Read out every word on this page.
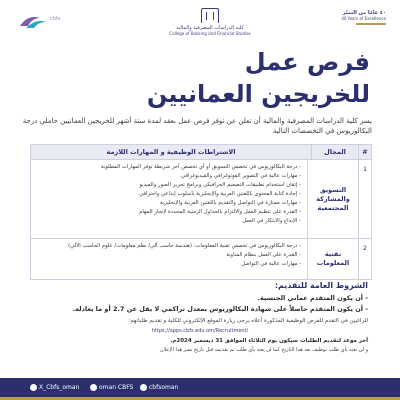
cbfs
كلية الدراسات المصرفية والمالية
College of Banking and Financial Studies
٤٠ عامًا من التميّز
40 Years of Excellence
فرص عمل
للخريجين العمانيين
يسر كلية الدراسات المصرفية والمالية أن تعلن عن توفر فرص عمل بعقد لمدة ستة أشهر للخريجين العمانيين حاملي درجة البكالوريوس في التخصصات التالية
#
المجال
الاشتراطات الوظيفية و المهارات اللازمة
1
التسويق والمشاركة المجتمعية
- درجة البكالوريوس في تخصص التسويق أو أي تخصص آخر شريطة توفر المهارات المطلوبة
- مهارات عالية في التصوير الفوتوغرافي والفيديوغرافي
- إتقان استخدام تطبيقات التصميم الجرافيكي وبرامج تحرير الصور والفيديو
- إجادة كتابة المحتوى باللغتين العربية والإنجليزية بأسلوب إبداعي واحترافي
- مهارات ممتازة في التواصل والتقديم باللغتين العربية والإنجليزية
- القدرة على تنظيم العمل والالتزام بالجداول الزمنية المحددة لإنجاز المهام
- الإبداع والابتكار في العمل
2
تقنية المعلومات
- درجة البكالوريوس في تخصص تقنية المعلومات: (هندسة حاسب آلي/ نظم معلومات/ علوم الحاسب الآلي)
- القدرة على العمل بنظام المناوبة
- مهارات عالية في التواصل
الشروط العامة للتقديم:
- أن يكون المتقدم عماني الجنسية.
- أن يكون المتقدم حاصلاً على شهادة البكالوريوس بمعدل تراكمي لا يقل عن 2.7 أو ما يعادله.
للراغبين في التقدم للفرص الوظيفية المذكورة أعلاه يرجى زيارة الموقع الإلكتروني للكلية و تقديم طلباتهم:
https://apps.cbfs.edu.om/Recruitment/
آخر موعد لتقديم الطلبات سيكون يوم الثلاثاء الموافق 31 ديسمبر 2024م.
و لن يعتد بأي طلب توظيف بعد هذا التاريخ كما لن يعتد بأي طلب تم تقديمه قبل تاريخ نشر هذا الإعلان
X_Cbfs_oman	oman CBFS	cbfsoman
